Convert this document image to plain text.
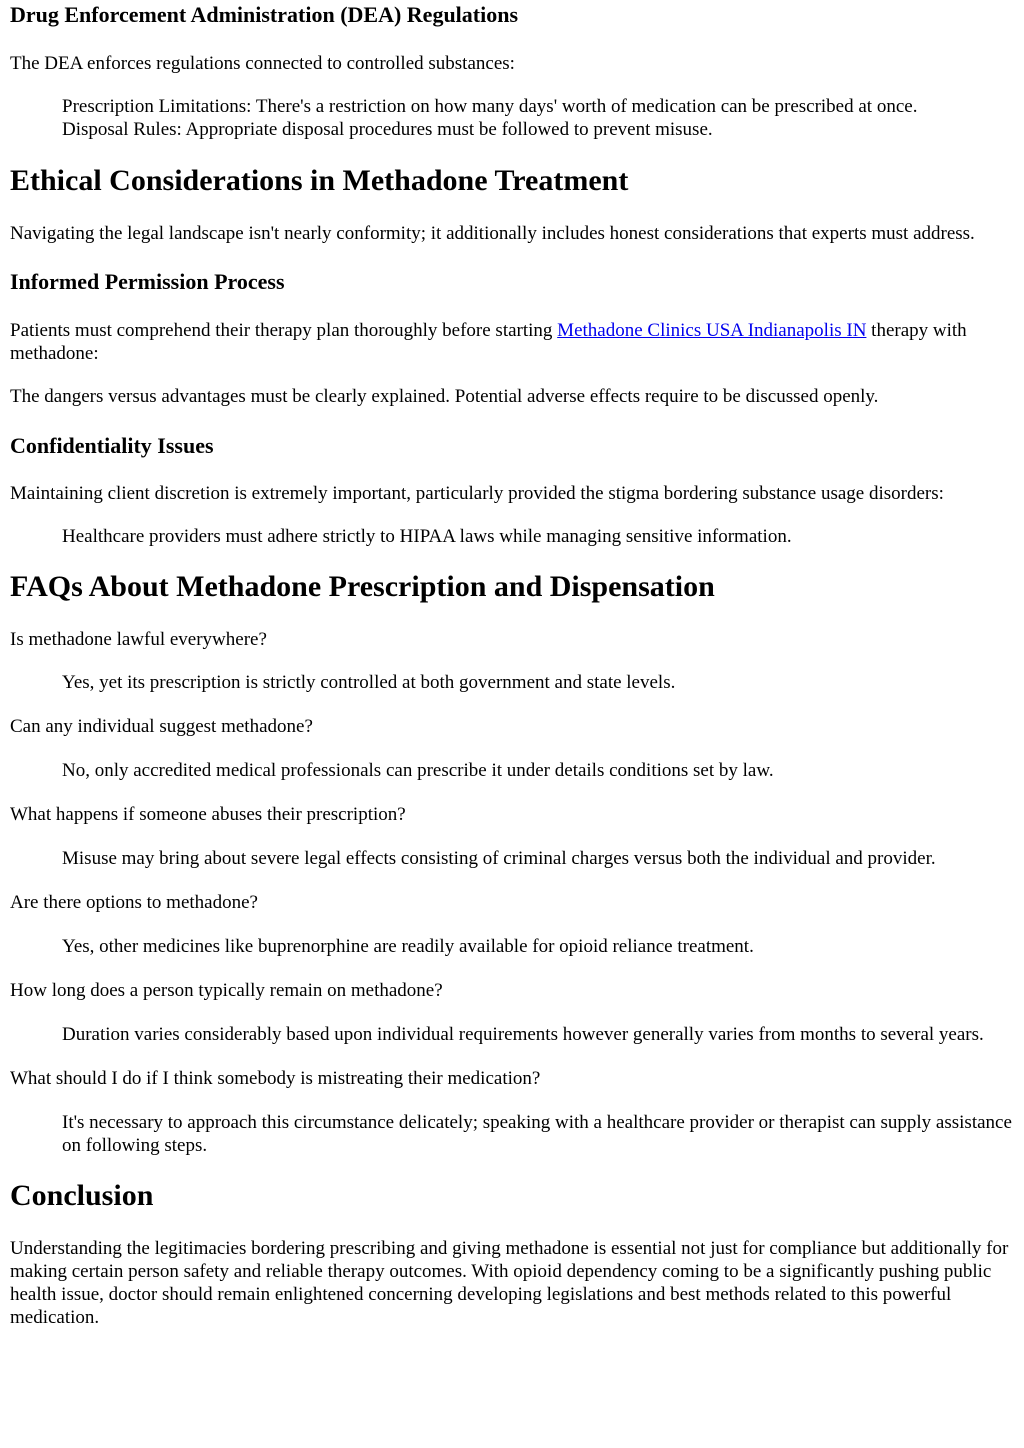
Drug Enforcement Administration (DEA) Regulations

The DEA enforces regulations connected to controlled substances:

Prescription Limitations: There's a restriction on how many days' worth of medication can be prescribed at once.

Disposal Rules: Appropriate disposal procedures must be followed to prevent misuse.

Ethical Considerations in Methadone Treatment

Navigating the legal landscape isn't nearly conformity; it additionally includes honest considerations that experts must address.

Informed Permission Process

Patients must comprehend their therapy plan thoroughly before starting Methadone Clinics USA Indianapolis IN therapy with methadone:

The dangers versus advantages must be clearly explained. Potential adverse effects require to be discussed openly.

Confidentiality Issues

Maintaining client discretion is extremely important, particularly provided the stigma bordering substance usage disorders:

Healthcare providers must adhere strictly to HIPAA laws while managing sensitive information.

FAQs About Methadone Prescription and Dispensation

Is methadone lawful everywhere?

Yes, yet its prescription is strictly controlled at both government and state levels.

Can any individual suggest methadone?

No, only accredited medical professionals can prescribe it under details conditions set by law.

What happens if someone abuses their prescription?

Misuse may bring about severe legal effects consisting of criminal charges versus both the individual and provider.

Are there options to methadone?

Yes, other medicines like buprenorphine are readily available for opioid reliance treatment.

How long does a person typically remain on methadone?

Duration varies considerably based upon individual requirements however generally varies from months to several years.

What should I do if I think somebody is mistreating their medication?

It's necessary to approach this circumstance delicately; speaking with a healthcare provider or therapist can supply assistance on following steps.

Conclusion

Understanding the legitimacies bordering prescribing and giving methadone is essential not just for compliance but additionally for making certain person safety and reliable therapy outcomes. With opioid dependency coming to be a significantly pushing public health issue, doctor should remain enlightened concerning developing legislations and best methods related to this powerful medication.
